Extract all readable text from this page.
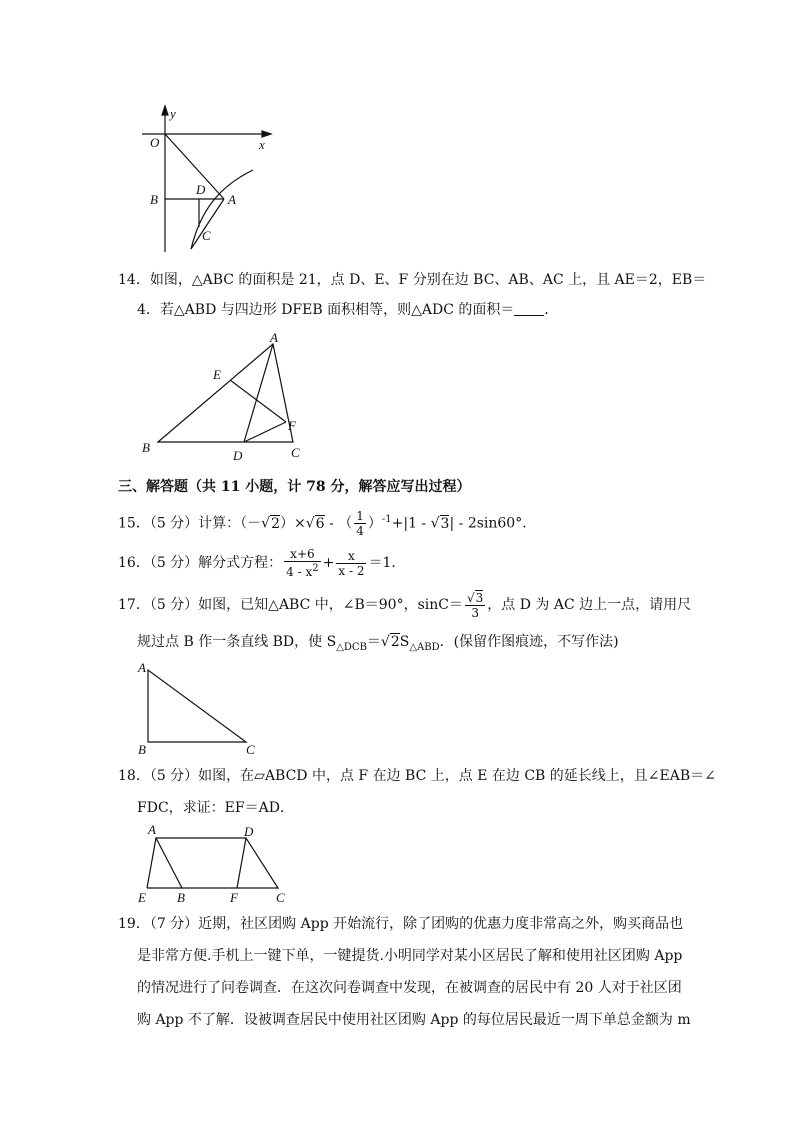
y
x
O
B
D
A
C
14．如图，△ABC 的面积是 21，点 D、E、F 分别在边 BC、AB、AC 上，且 AE＝2，EB＝
4．若△ABD 与四边形 DFEB 面积相等，则△ADC 的面积＝ ．
A
E
F
B
D	C
三、解答题（共 11 小题，计 78 分，解答应写出过程）
15．（5 分）计算：（－√2）×√6 - （ $\frac{1}{4} )^{-1}+|1 - √3| - 2\sin 60^\circ$．
16．（5 分）解分式方程： $\frac{x+6}{4 - x^2} + \frac{x}{x - 2} =1$．
17．（5 分）如图，已知△ABC 中，∠B＝90°，$\sin C= \frac{√3}{3}$ ，点 D 为 AC 边上一点，请用尺
规过点 B 作一条直线 BD，使 $S_{\triangle DCB}=√2S_{\triangle ABD}$．(保留作图痕迹，不写作法)
A
B	C
18．（5 分）如图，在▱ABCD 中，点 F 在边 BC 上，点 E 在边 CB 的延长线上，且∠EAB＝∠
FDC，求证：EF＝AD．
A	D
E B	F	C
19．（7 分）近期，社区团购 App 开始流行，除了团购的优惠力度非常高之外，购买商品也
是非常方便.手机上一键下单，一键提货.小明同学对某小区居民了解和使用社区团购 App
的情况进行了问卷调查．在这次问卷调查中发现，在被调查的居民中有 20 人对于社区团
购 App 不了解．设被调查居民中使用社区团购 App 的每位居民最近一周下单总金额为 m
